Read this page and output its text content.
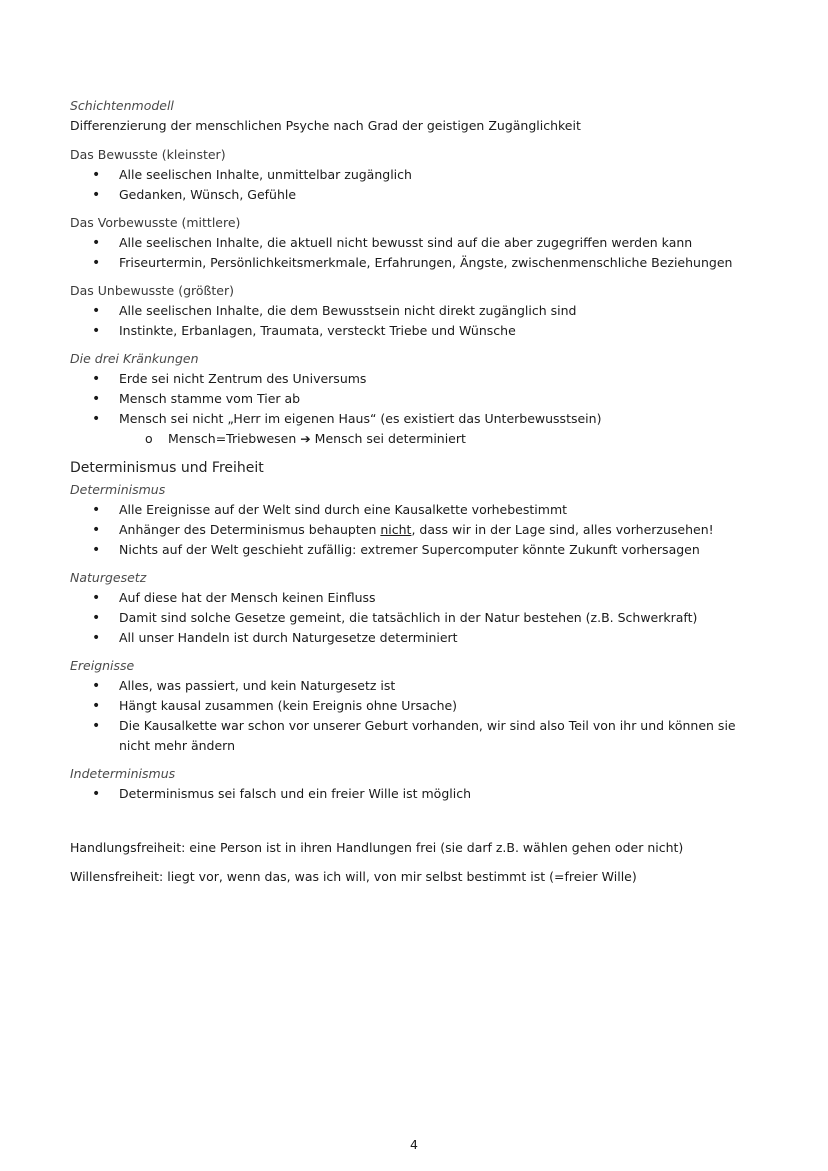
Schichtenmodell

Differenzierung der menschlichen Psyche nach Grad der geistigen Zugänglichkeit

Das Bewusste (kleinster)

• Alle seelischen Inhalte, unmittelbar zugänglich
• Gedanken, Wünsch, Gefühle

Das Vorbewusste (mittlere)

• Alle seelischen Inhalte, die aktuell nicht bewusst sind auf die aber zugegriffen werden kann
• Friseurtermin, Persönlichkeitsmerkmale, Erfahrungen, Ängste, zwischenmenschliche Beziehungen

Das Unbewusste (größter)

• Alle seelischen Inhalte, die dem Bewusstsein nicht direkt zugänglich sind
• Instinkte, Erbanlagen, Traumata, versteckt Triebe und Wünsche

Die drei Kränkungen

• Erde sei nicht Zentrum des Universums
• Mensch stamme vom Tier ab
• Mensch sei nicht „Herr im eigenen Haus“ (es existiert das Unterbewusstsein)
o Mensch=Triebwesen ➔ Mensch sei determiniert

Determinismus und Freiheit

Determinismus

• Alle Ereignisse auf der Welt sind durch eine Kausalkette vorhebestimmt
• Anhänger des Determinismus behaupten nicht, dass wir in der Lage sind, alles vorherzusehen!
• Nichts auf der Welt geschieht zufällig: extremer Supercomputer könnte Zukunft vorhersagen

Naturgesetz

• Auf diese hat der Mensch keinen Einfluss
• Damit sind solche Gesetze gemeint, die tatsächlich in der Natur bestehen (z.B. Schwerkraft)
• All unser Handeln ist durch Naturgesetze determiniert

Ereignisse

• Alles, was passiert, und kein Naturgesetz ist
• Hängt kausal zusammen (kein Ereignis ohne Ursache)
• Die Kausalkette war schon vor unserer Geburt vorhanden, wir sind also Teil von ihr und können sie nicht mehr ändern

Indeterminismus

• Determinismus sei falsch und ein freier Wille ist möglich

Handlungsfreiheit: eine Person ist in ihren Handlungen frei (sie darf z.B. wählen gehen oder nicht)

Willensfreiheit: liegt vor, wenn das, was ich will, von mir selbst bestimmt ist (=freier Wille)

4
